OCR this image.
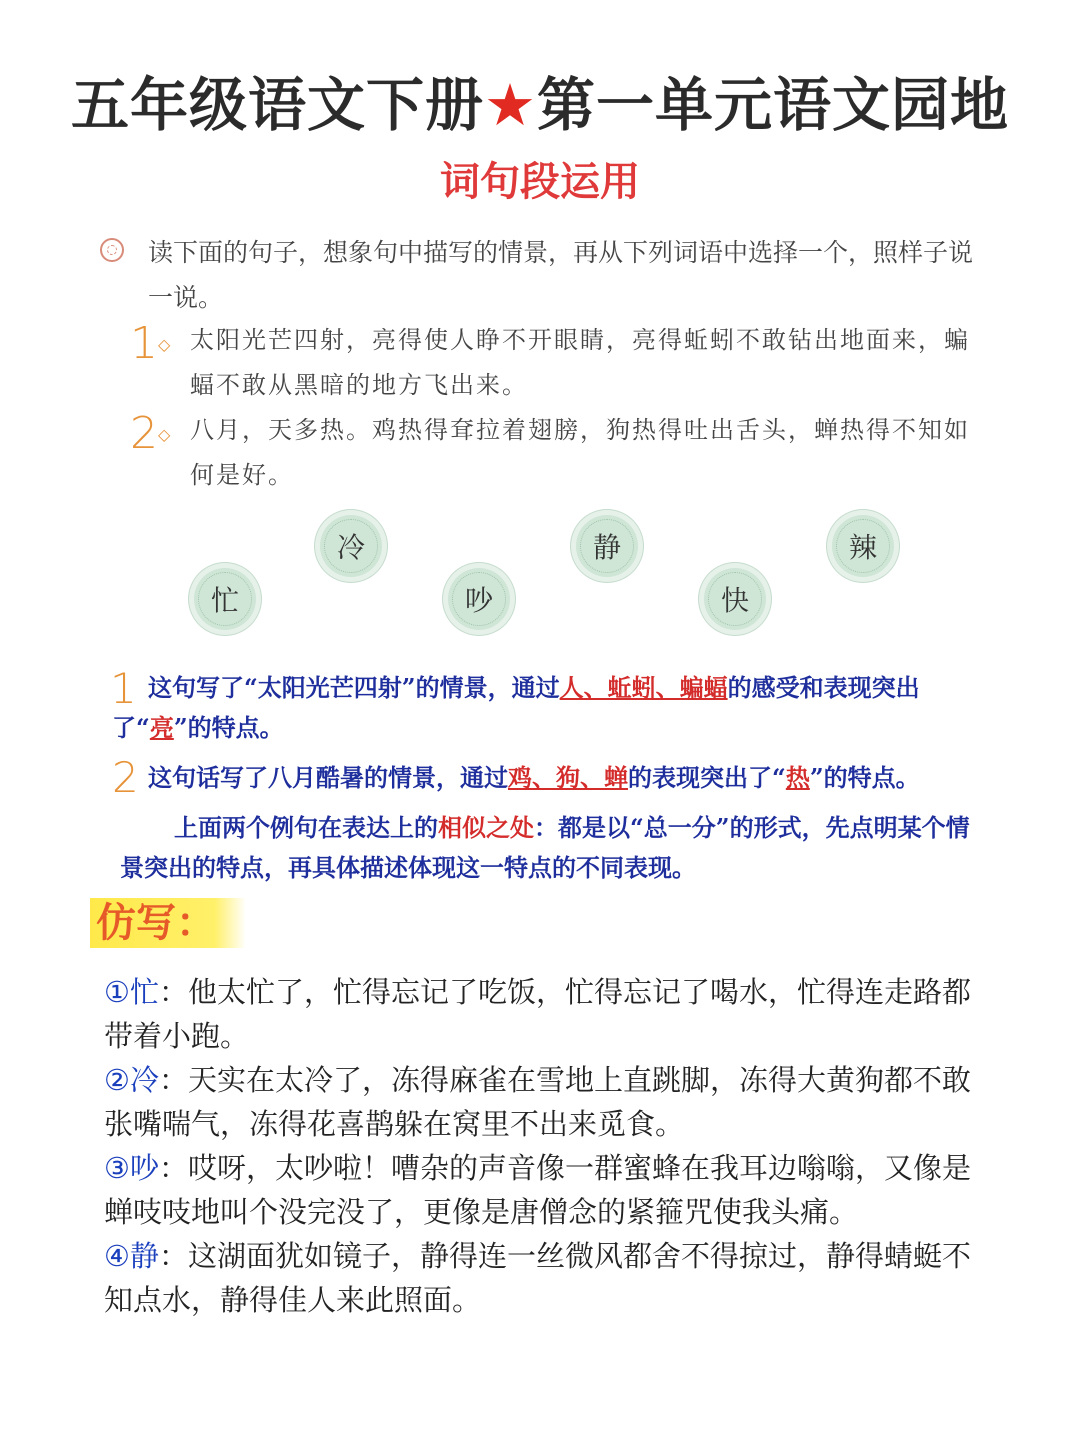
五年级语文下册★第一单元语文园地
词句段运用
读下面的句子，想象句中描写的情景，再从下列词语中选择一个，照样子说一说。
1 ◇ 太阳光芒四射，亮得使人睁不开眼睛，亮得蚯蚓不敢钻出地面来，蝙蝠不敢从黑暗的地方飞出来。
2 ◇ 八月，天多热。鸡热得耷拉着翅膀，狗热得吐出舌头，蝉热得不知如何是好。
冷	静	辣
忙	吵	快
1 这句写了“太阳光芒四射”的情景，通过人、蚯蚓、蝙蝠的感受和表现突出了“亮”的特点。
2 这句话写了八月酷暑的情景，通过鸡、狗、蝉的表现突出了“热”的特点。
上面两个例句在表达上的相似之处：都是以“总一分”的形式，先点明某个情景突出的特点，再具体描述体现这一特点的不同表现。
仿写：

①忙：他太忙了，忙得忘记了吃饭，忙得忘记了喝水，忙得连走路都带着小跑。

②冷：天实在太冷了，冻得麻雀在雪地上直跳脚，冻得大黄狗都不敢张嘴喘气，冻得花喜鹊躲在窝里不出来觅食。

③吵：哎呀，太吵啦！嘈杂的声音像一群蜜蜂在我耳边嗡嗡，又像是蝉吱吱地叫个没完没了，更像是唐僧念的紧箍咒使我头痛。

④静：这湖面犹如镜子，静得连一丝微风都舍不得掠过，静得蜻蜓不知点水，静得佳人来此照面。
